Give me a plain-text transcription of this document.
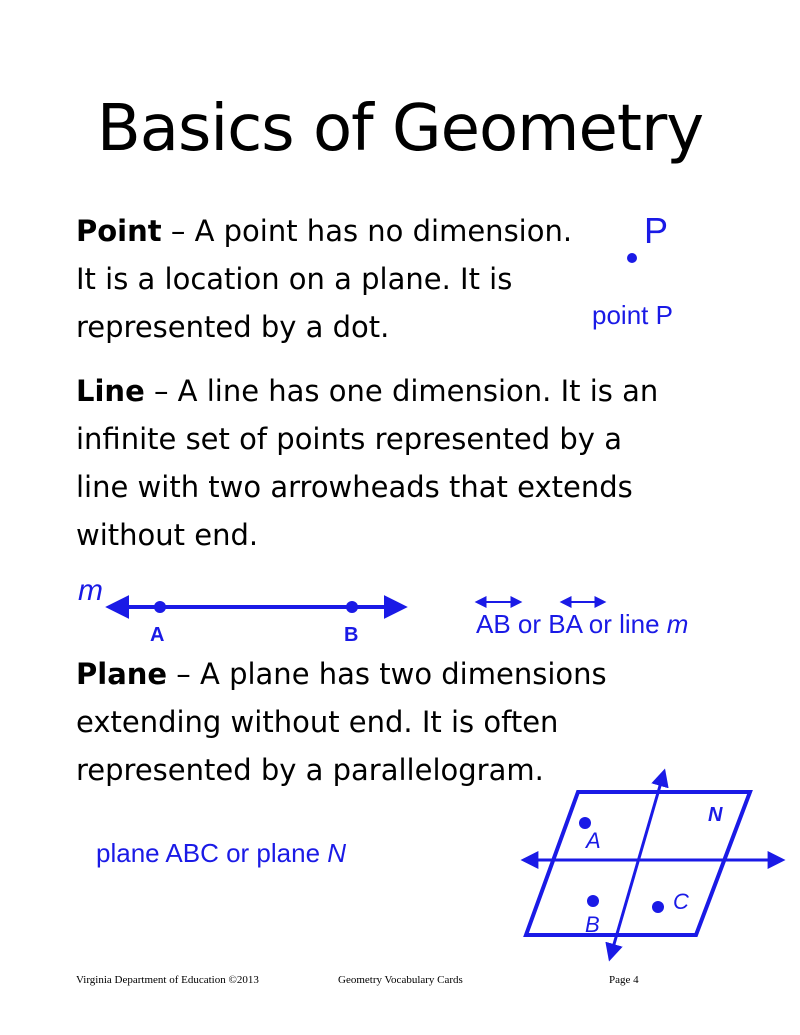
Basics of Geometry
Point – A point has no dimension.
It is a location on a plane. It is
represented by a dot.
P
point P
Line – A line has one dimension. It is an
infinite set of points represented by a
line with two arrowheads that extends
without end.
m
A	B	AB or BA or line m
Plane – A plane has two dimensions
extending without end. It is often
represented by a parallelogram.
plane ABC or plane N
N
A
B
C
Virginia Department of Education ©2013	Geometry Vocabulary Cards	Page 4
